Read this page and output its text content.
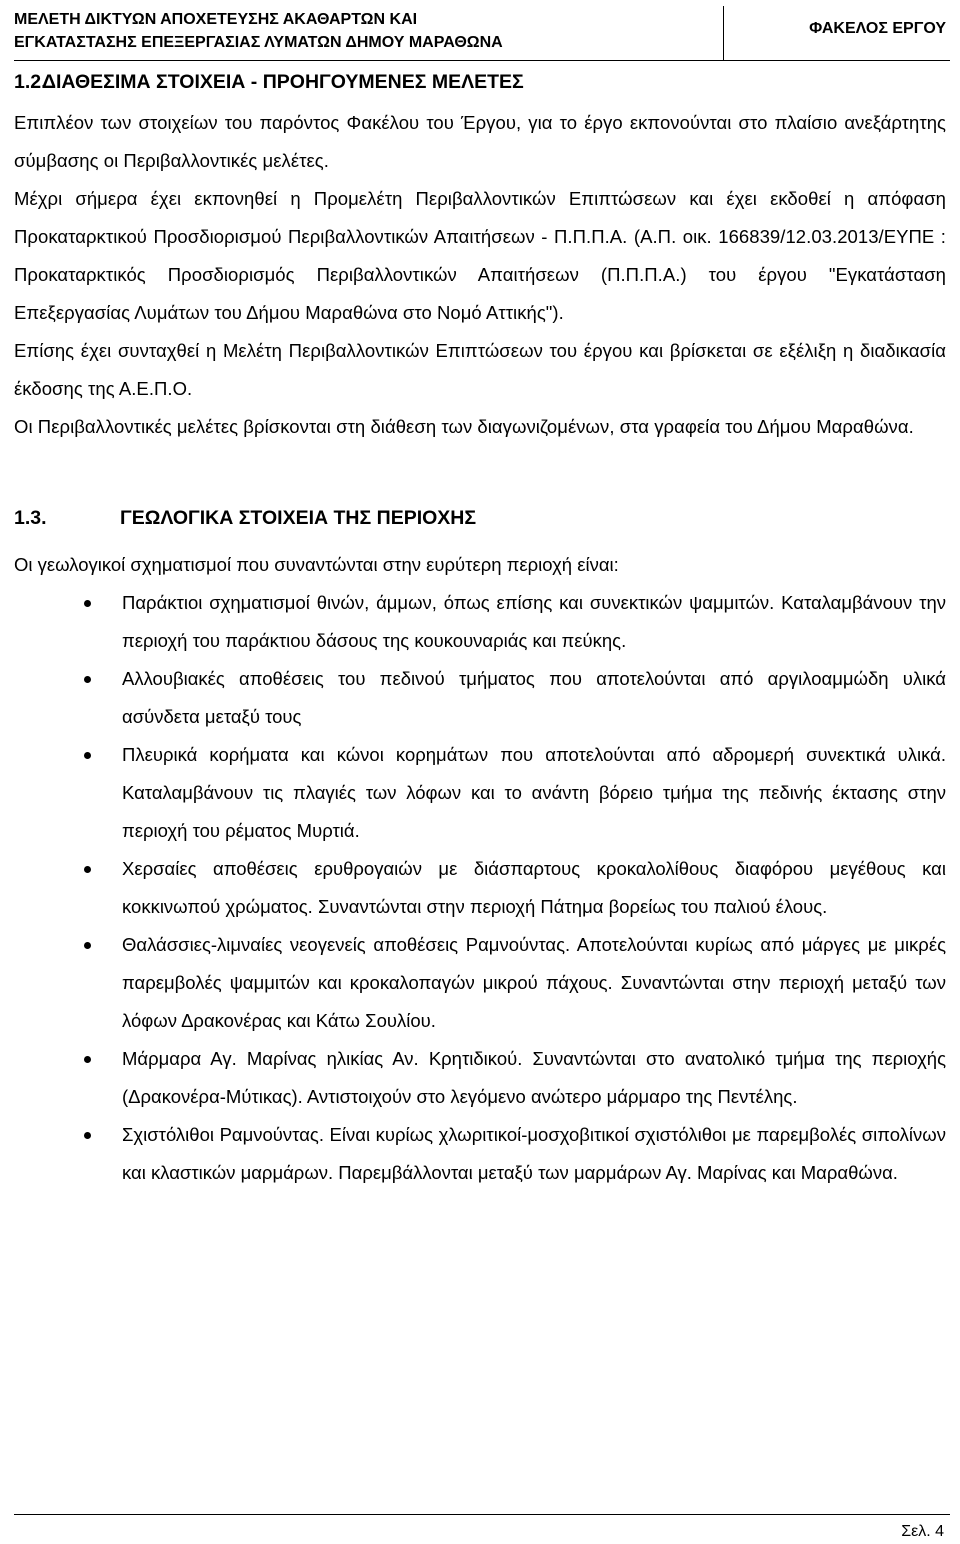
ΜΕΛΕΤΗ ΔΙΚΤΥΩΝ ΑΠΟΧΕΤΕΥΣΗΣ ΑΚΑΘΑΡΤΩΝ ΚΑΙ
ΕΓΚΑΤΑΣΤΑΣΗΣ ΕΠΕΞΕΡΓΑΣΙΑΣ ΛΥΜΑΤΩΝ ΔΗΜΟΥ ΜΑΡΑΘΩΝΑ
ΦΑΚΕΛΟΣ ΕΡΓΟΥ
1.2.
ΔΙΑΘΕΣΙΜΑ ΣΤΟΙΧΕΙΑ - ΠΡΟΗΓΟΥΜΕΝΕΣ ΜΕΛΕΤΕΣ

Επιπλέον των στοιχείων του παρόντος Φακέλου του Έργου, για το έργο εκπονούνται στο πλαίσιο ανεξάρτητης σύμβασης οι Περιβαλλοντικές μελέτες.

Μέχρι σήμερα έχει εκπονηθεί η Προμελέτη Περιβαλλοντικών Επιπτώσεων και έχει εκδοθεί η απόφαση Προκαταρκτικού Προσδιορισμού Περιβαλλοντικών Απαιτήσεων - Π.Π.Π.Α. (Α.Π. οικ. 166839/12.03.2013/ΕΥΠΕ : Προκαταρκτικός Προσδιορισμός Περιβαλλοντικών Απαιτήσεων (Π.Π.Π.Α.) του έργου "Εγκατάσταση Επεξεργασίας Λυμάτων του Δήμου Μαραθώνα στο Νομό Αττικής").

Επίσης έχει συνταχθεί η Μελέτη Περιβαλλοντικών Επιπτώσεων του έργου και βρίσκεται σε εξέλιξη η διαδικασία έκδοσης της Α.Ε.Π.Ο.

Οι Περιβαλλοντικές μελέτες βρίσκονται στη διάθεση των διαγωνιζομένων, στα γραφεία του Δήμου Μαραθώνα.

1.3.	ΓΕΩΛΟΓΙΚΑ ΣΤΟΙΧΕΙΑ ΤΗΣ ΠΕΡΙΟΧΗΣ

Οι γεωλογικοί σχηματισμοί που συναντώνται στην ευρύτερη περιοχή είναι:

Παράκτιοι σχηματισμοί θινών, άμμων, όπως επίσης και συνεκτικών ψαμμιτών. Καταλαμβάνουν την περιοχή του παράκτιου δάσους της κουκουναριάς και πεύκης.
Αλλουβιακές αποθέσεις του πεδινού τμήματος που αποτελούνται από αργιλοαμμώδη υλικά ασύνδετα μεταξύ τους
Πλευρικά κορήματα και κώνοι κορημάτων που αποτελούνται από αδρομερή συνεκτικά υλικά. Καταλαμβάνουν τις πλαγιές των λόφων και το ανάντη βόρειο τμήμα της πεδινής έκτασης στην περιοχή του ρέματος Μυρτιά.
Χερσαίες αποθέσεις ερυθρογαιών με διάσπαρτους κροκαλολίθους διαφόρου μεγέθους και κοκκινωπού χρώματος. Συναντώνται στην περιοχή Πάτημα βορείως του παλιού έλους.
Θαλάσσιες-λιμναίες νεογενείς αποθέσεις Ραμνούντας. Αποτελούνται κυρίως από μάργες με μικρές παρεμβολές ψαμμιτών και κροκαλοπαγών μικρού πάχους. Συναντώνται στην περιοχή μεταξύ των λόφων Δρακονέρας και Κάτω Σουλίου.
Μάρμαρα Αγ. Μαρίνας ηλικίας Αν. Κρητιδικού. Συναντώνται στο ανατολικό τμήμα της περιοχής (Δρακονέρα-Μύτικας). Αντιστοιχούν στο λεγόμενο ανώτερο μάρμαρο της Πεντέλης.
Σχιστόλιθοι Ραμνούντας. Είναι κυρίως χλωριτικοί-μοσχοβιτικοί σχιστόλιθοι με παρεμβολές σιπολίνων και κλαστικών μαρμάρων. Παρεμβάλλονται μεταξύ των μαρμάρων Αγ. Μαρίνας και Μαραθώνα.
Σελ. 4
